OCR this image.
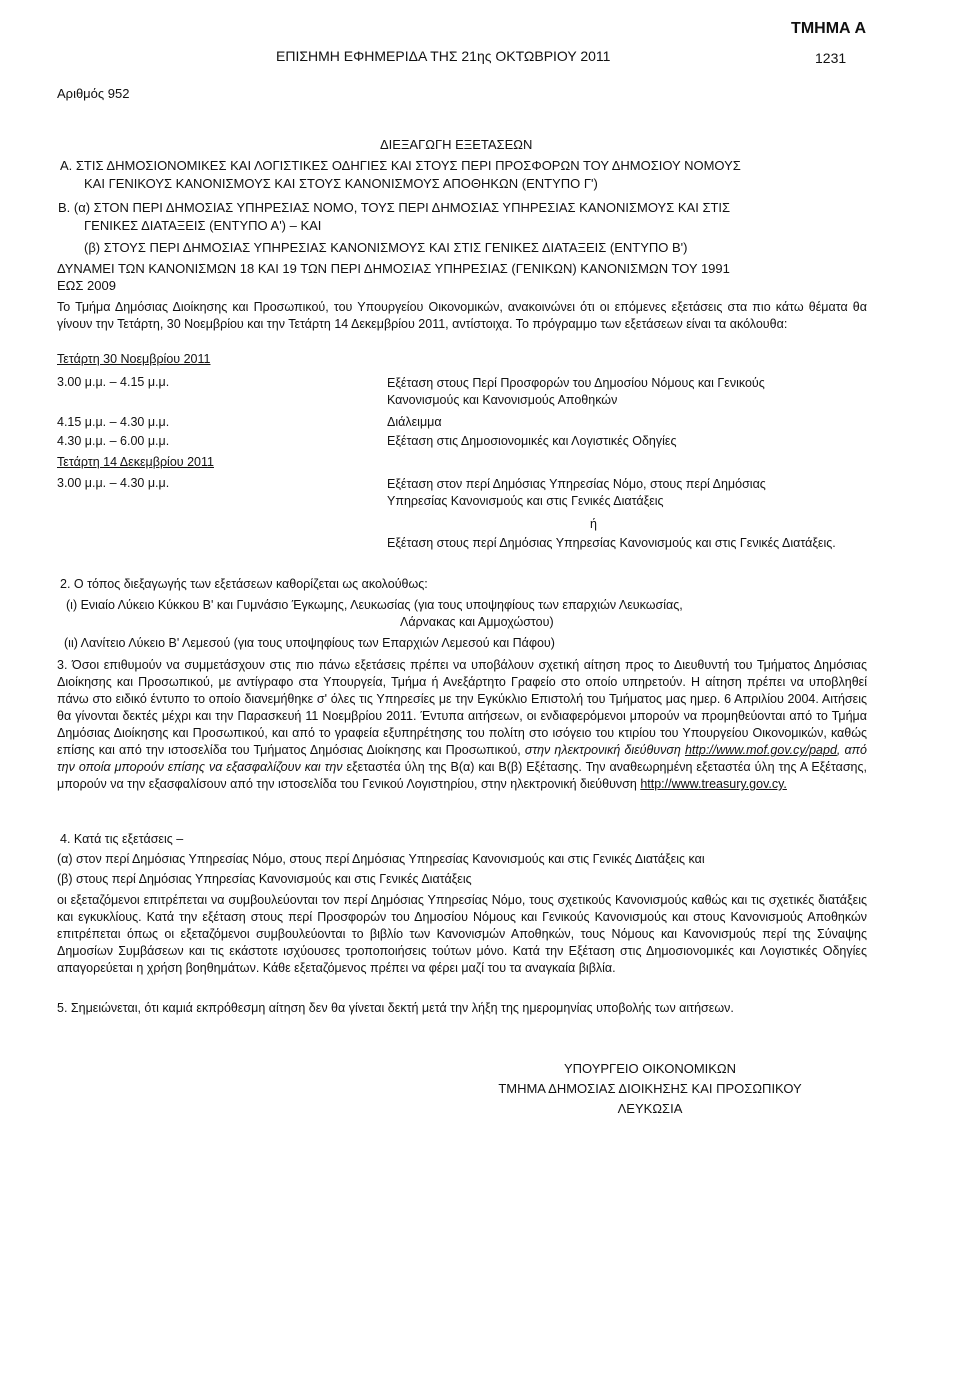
ΤΜΗΜΑ Α
ΕΠΙΣΗΜΗ ΕΦΗΜΕΡΙΔΑ ΤΗΣ 21ης ΟΚΤΩΒΡΙΟΥ 2011	1231
Αριθμός 952
ΔΙΕΞΑΓΩΓΗ ΕΞΕΤΑΣΕΩΝ
Α. ΣΤΙΣ ΔΗΜΟΣΙΟΝΟΜΙΚΕΣ ΚΑΙ ΛΟΓΙΣΤΙΚΕΣ ΟΔΗΓΙΕΣ ΚΑΙ ΣΤΟΥΣ ΠΕΡΙ ΠΡΟΣΦΟΡΩΝ ΤΟΥ ΔΗΜΟΣΙΟΥ ΝΟΜΟΥΣ
ΚΑΙ ΓΕΝΙΚΟΥΣ ΚΑΝΟΝΙΣΜΟΥΣ ΚΑΙ ΣΤΟΥΣ ΚΑΝΟΝΙΣΜΟΥΣ ΑΠΟΘΗΚΩΝ (ΕΝΤΥΠΟ Γ')
Β. (α) ΣΤΟΝ ΠΕΡΙ ΔΗΜΟΣΙΑΣ ΥΠΗΡΕΣΙΑΣ ΝΟΜΟ, ΤΟΥΣ ΠΕΡΙ ΔΗΜΟΣΙΑΣ ΥΠΗΡΕΣΙΑΣ ΚΑΝΟΝΙΣΜΟΥΣ ΚΑΙ ΣΤΙΣ
ΓΕΝΙΚΕΣ ΔΙΑΤΑΞΕΙΣ (ΕΝΤΥΠΟ Α') – ΚΑΙ
(β) ΣΤΟΥΣ ΠΕΡΙ ΔΗΜΟΣΙΑΣ ΥΠΗΡΕΣΙΑΣ ΚΑΝΟΝΙΣΜΟΥΣ ΚΑΙ ΣΤΙΣ ΓΕΝΙΚΕΣ ΔΙΑΤΑΞΕΙΣ (ΕΝΤΥΠΟ Β')
ΔΥΝΑΜΕΙ ΤΩΝ ΚΑΝΟΝΙΣΜΩΝ 18 ΚΑΙ 19 ΤΩΝ ΠΕΡΙ ΔΗΜΟΣΙΑΣ ΥΠΗΡΕΣΙΑΣ (ΓΕΝΙΚΩΝ) ΚΑΝΟΝΙΣΜΩΝ ΤΟΥ 1991
ΕΩΣ 2009
Το Τμήμα Δημόσιας Διοίκησης και Προσωπικού, του Υπουργείου Οικονομικών, ανακοινώνει ότι οι επόμενες εξετάσεις στα πιο κάτω θέματα θα γίνουν την Τετάρτη, 30 Νοεμβρίου και την Τετάρτη 14 Δεκεμβρίου 2011, αντίστοιχα. Το πρόγραμμο των εξετάσεων είναι τα ακόλουθα:
Τετάρτη 30 Νοεμβρίου 2011
3.00 μ.μ. – 4.15 μ.μ.	Εξέταση στους Περί Προσφορών του Δημοσίου Νόμους και Γενικούς Κανονισμούς και Κανονισμούς Αποθηκών
4.15 μ.μ. – 4.30 μ.μ.	Διάλειμμα
4.30 μ.μ. – 6.00 μ.μ.	Εξέταση στις Δημοσιονομικές και Λογιστικές Οδηγίες
Τετάρτη 14 Δεκεμβρίου 2011
3.00 μ.μ. – 4.30 μ.μ.	Εξέταση στον περί Δημόσιας Υπηρεσίας Νόμο, στους περί Δημόσιας Υπηρεσίας Κανονισμούς και στις Γενικές Διατάξεις
ή
Εξέταση στους περί Δημόσιας Υπηρεσίας Κανονισμούς και στις Γενικές Διατάξεις.
2. Ο τόπος διεξαγωγής των εξετάσεων καθορίζεται ως ακολούθως:
(ι) Ενιαίο Λύκειο Κύκκου Β' και Γυμνάσιο Έγκωμης, Λευκωσίας (για τους υποψηφίους των επαρχιών Λευκωσίας,
Λάρνακας και Αμμοχώστου)
(ιι) Λανίτειο Λύκειο Β' Λεμεσού (για τους υποψηφίους των Επαρχιών Λεμεσού και Πάφου)
3. Όσοι επιθυμούν να συμμετάσχουν στις πιο πάνω εξετάσεις πρέπει να υποβάλουν σχετική αίτηση προς το Διευθυντή του Τμήματος Δημόσιας Διοίκησης και Προσωπικού, με αντίγραφο στα Υπουργεία, Τμήμα ή Ανεξάρτητο Γραφείο στο οποίο υπηρετούν. Η αίτηση πρέπει να υποβληθεί πάνω στο ειδικό έντυπο το οποίο διανεμήθηκε σ' όλες τις Υπηρεσίες με την Εγκύκλιο Επιστολή του Τμήματος μας ημερ. 6 Απριλίου 2004. Αιτήσεις θα γίνονται δεκτές μέχρι και την Παρασκευή 11 Νοεμβρίου 2011. Έντυπα αιτήσεων, οι ενδιαφερόμενοι μπορούν να προμηθεύονται από το Τμήμα Δημόσιας Διοίκησης και Προσωπικού, και από το γραφεία εξυπηρέτησης του πολίτη στο ισόγειο του κτιρίου του Υπουργείου Οικονομικών, καθώς επίσης και από την ιστοσελίδα του Τμήματος Δημόσιας Διοίκησης και Προσωπικού, στην ηλεκτρονική διεύθυνση http://www.mof.gov.cy/papd, από την οποία μπορούν επίσης να εξασφαλίζουν και την εξεταστέα ύλη της Β(α) και Β(β) Εξέτασης. Την αναθεωρημένη εξεταστέα ύλη της Α Εξέτασης, μπορούν να την εξασφαλίσουν από την ιστοσελίδα του Γενικού Λογιστηρίου, στην ηλεκτρονική διεύθυνση http://www.treasury.gov.cy.
4. Κατά τις εξετάσεις –
(α) στον περί Δημόσιας Υπηρεσίας Νόμο, στους περί Δημόσιας Υπηρεσίας Κανονισμούς και στις Γενικές Διατάξεις και
(β) στους περί Δημόσιας Υπηρεσίας Κανονισμούς και στις Γενικές Διατάξεις
οι εξεταζόμενοι επιτρέπεται να συμβουλεύονται τον περί Δημόσιας Υπηρεσίας Νόμο, τους σχετικούς Κανονισμούς καθώς και τις σχετικές διατάξεις και εγκυκλίους. Κατά την εξέταση στους περί Προσφορών του Δημοσίου Νόμους και Γενικούς Κανονισμούς και στους Κανονισμούς Αποθηκών επιτρέπεται όπως οι εξεταζόμενοι συμβουλεύονται το βιβλίο των Κανονισμών Αποθηκών, τους Νόμους και Κανονισμούς περί της Σύναψης Δημοσίων Συμβάσεων και τις εκάστοτε ισχύουσες τροποποιήσεις τούτων μόνο. Κατά την Εξέταση στις Δημοσιονομικές και Λογιστικές Οδηγίες απαγορεύεται η χρήση βοηθημάτων. Κάθε εξεταζόμενος πρέπει να φέρει μαζί του τα αναγκαία βιβλία.
5. Σημειώνεται, ότι καμιά εκπρόθεσμη αίτηση δεν θα γίνεται δεκτή μετά την λήξη της ημερομηνίας υποβολής των αιτήσεων.
ΥΠΟΥΡΓΕΙΟ ΟΙΚΟΝΟΜΙΚΩΝ
ΤΜΗΜΑ ΔΗΜΟΣΙΑΣ ΔΙΟΙΚΗΣΗΣ ΚΑΙ ΠΡΟΣΩΠΙΚΟΥ
ΛΕΥΚΩΣΙΑ
